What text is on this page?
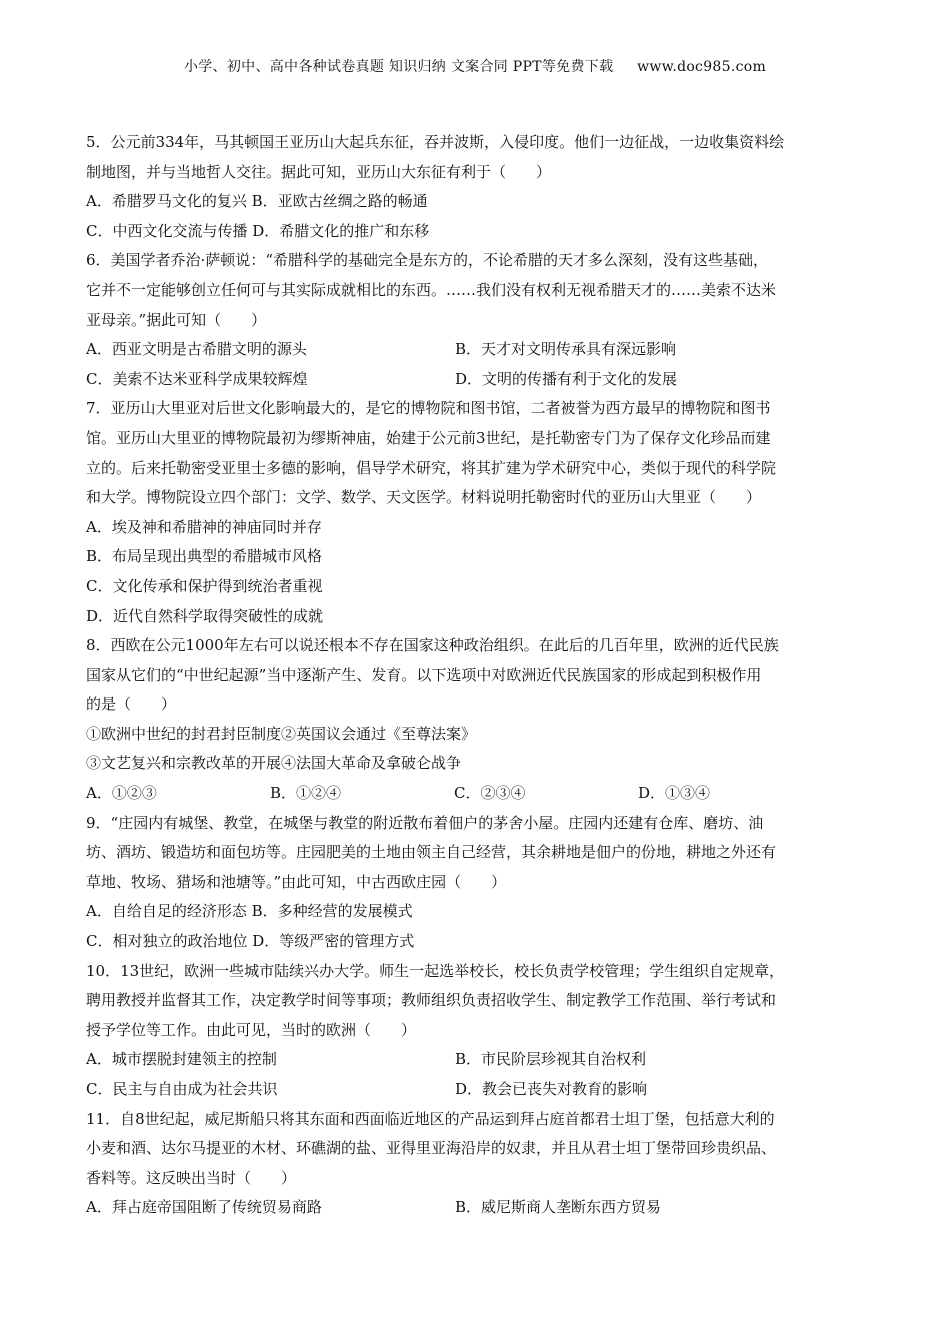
小学、初中、高中各种试卷真题 知识归纳 文案合同 PPT等免费下载     www.doc985.com
5．公元前334年，马其顿国王亚历山大起兵东征，吞并波斯，入侵印度。他们一边征战，一边收集资料绘
制地图，并与当地哲人交往。据此可知，亚历山大东征有利于（　　）
A．希腊罗马文化的复兴 B．亚欧古丝绸之路的畅通
C．中西文化交流与传播 D．希腊文化的推广和东移
6．美国学者乔治·萨顿说：“希腊科学的基础完全是东方的，不论希腊的天才多么深刻，没有这些基础，
它并不一定能够创立任何可与其实际成就相比的东西。……我们没有权利无视希腊天才的……美索不达米
亚母亲。”据此可知（　　）
A．西亚文明是古希腊文明的源头	B．天才对文明传承具有深远影响
C．美索不达米亚科学成果较辉煌	D．文明的传播有利于文化的发展
7．亚历山大里亚对后世文化影响最大的，是它的博物院和图书馆，二者被誉为西方最早的博物院和图书
馆。亚历山大里亚的博物院最初为缪斯神庙，始建于公元前3世纪，是托勒密专门为了保存文化珍品而建
立的。后来托勒密受亚里士多德的影响，倡导学术研究，将其扩建为学术研究中心，类似于现代的科学院
和大学。博物院设立四个部门：文学、数学、天文医学。材料说明托勒密时代的亚历山大里亚（　　）
A．埃及神和希腊神的神庙同时并存
B．布局呈现出典型的希腊城市风格
C．文化传承和保护得到统治者重视
D．近代自然科学取得突破性的成就
8．西欧在公元1000年左右可以说还根本不存在国家这种政治组织。在此后的几百年里，欧洲的近代民族
国家从它们的“中世纪起源”当中逐渐产生、发育。以下选项中对欧洲近代民族国家的形成起到积极作用
的是（　　）
①欧洲中世纪的封君封臣制度②英国议会通过《至尊法案》
③文艺复兴和宗教改革的开展④法国大革命及拿破仑战争
A．①②③	B．①②④	C．②③④	D．①③④
9．“庄园内有城堡、教堂，在城堡与教堂的附近散布着佃户的茅舍小屋。庄园内还建有仓库、磨坊、油
坊、酒坊、锻造坊和面包坊等。庄园肥美的土地由领主自己经营，其余耕地是佃户的份地，耕地之外还有
草地、牧场、猎场和池塘等。”由此可知，中古西欧庄园（　　）
A．自给自足的经济形态 B．多种经营的发展模式
C．相对独立的政治地位 D．等级严密的管理方式
10．13世纪，欧洲一些城市陆续兴办大学。师生一起选举校长，校长负责学校管理；学生组织自定规章，
聘用教授并监督其工作，决定教学时间等事项；教师组织负责招收学生、制定教学工作范围、举行考试和
授予学位等工作。由此可见，当时的欧洲（　　）
A．城市摆脱封建领主的控制	B．市民阶层珍视其自治权利
C．民主与自由成为社会共识	D．教会已丧失对教育的影响
11．自8世纪起，威尼斯船只将其东面和西面临近地区的产品运到拜占庭首都君士坦丁堡，包括意大利的
小麦和酒、达尔马提亚的木材、环礁湖的盐、亚得里亚海沿岸的奴隶，并且从君士坦丁堡带回珍贵织品、
香料等。这反映出当时（　　）
A．拜占庭帝国阻断了传统贸易商路	B．威尼斯商人垄断东西方贸易
